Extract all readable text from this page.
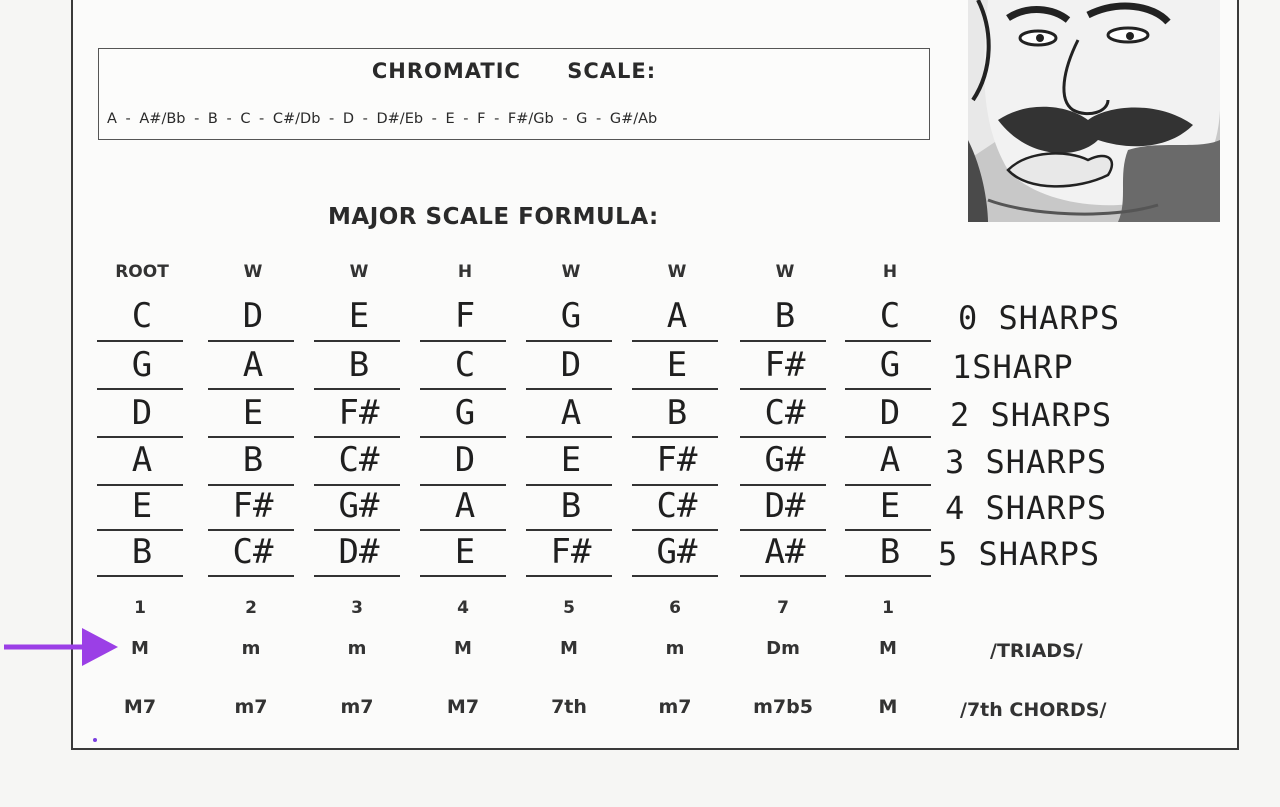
CHROMATIC SCALE:
A - A#/Bb - B - C - C#/Db - D - D#/Eb - E - F - F#/Gb - G - G#/Ab
MAJOR SCALE FORMULA:
ROOT	W	W	H	W	W	W	H
C	D	E	F	G	A	B	C	0 SHARPS
G	A	B	C	D	E	F#	G	1SHARP
D	E	F#	G	A	B	C#	D	2 SHARPS
A	B	C#	D	E	F#	G#	A	3 SHARPS
E	F#	G#	A	B	C#	D#	E	4 SHARPS
B	C#	D#	E	F#	G#	A#	B	5 SHARPS
1	2	3	4	5	6	7	1
M	m	m	M	M	m	Dm	M	/TRIADS/
M7	m7	m7	M7	7th	m7	m7b5	M	/7th CHORDS/
